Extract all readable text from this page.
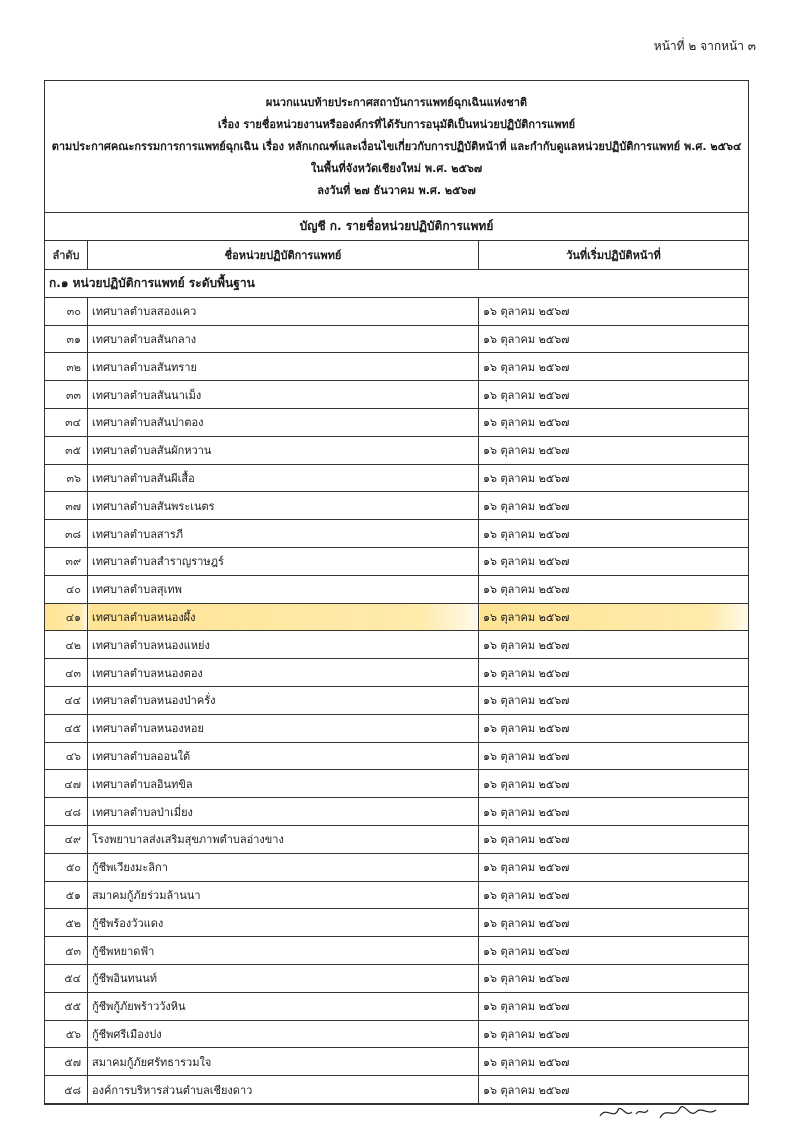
หน้าที่ ๒ จากหน้า ๓
ผนวกแนบท้ายประกาศสถาบันการแพทย์ฉุกเฉินแห่งชาติ
เรื่อง รายชื่อหน่วยงานหรือองค์กรที่ได้รับการอนุมัติเป็นหน่วยปฏิบัติการแพทย์
ตามประกาศคณะกรรมการการแพทย์ฉุกเฉิน เรื่อง หลักเกณฑ์และเงื่อนไขเกี่ยวกับการปฏิบัติหน้าที่ และกำกับดูแลหน่วยปฏิบัติการแพทย์ พ.ศ. ๒๕๖๔
ในพื้นที่จังหวัดเชียงใหม่ พ.ศ. ๒๕๖๗
ลงวันที่ ๒๗ ธันวาคม พ.ศ. ๒๕๖๗
บัญชี ก. รายชื่อหน่วยปฏิบัติการแพทย์
ลำดับ	ชื่อหน่วยปฏิบัติการแพทย์	วันที่เริ่มปฏิบัติหน้าที่
ก.๑ หน่วยปฏิบัติการแพทย์ ระดับพื้นฐาน		
๓๐	เทศบาลตำบลสองแคว	๑๖ ตุลาคม ๒๕๖๗
๓๑	เทศบาลตำบลสันกลาง	๑๖ ตุลาคม ๒๕๖๗
๓๒	เทศบาลตำบลสันทราย	๑๖ ตุลาคม ๒๕๖๗
๓๓	เทศบาลตำบลสันนาเม็ง	๑๖ ตุลาคม ๒๕๖๗
๓๔	เทศบาลตำบลสันปาตอง	๑๖ ตุลาคม ๒๕๖๗
๓๕	เทศบาลตำบลสันผักหวาน	๑๖ ตุลาคม ๒๕๖๗
๓๖	เทศบาลตำบลสันผีเสื้อ	๑๖ ตุลาคม ๒๕๖๗
๓๗	เทศบาลตำบลสันพระเนตร	๑๖ ตุลาคม ๒๕๖๗
๓๘	เทศบาลตำบลสารภี	๑๖ ตุลาคม ๒๕๖๗
๓๙	เทศบาลตำบลสำราญราษฎร์	๑๖ ตุลาคม ๒๕๖๗
๔๐	เทศบาลตำบลสุเทพ	๑๖ ตุลาคม ๒๕๖๗
๔๑	เทศบาลตำบลหนองผึ้ง	๑๖ ตุลาคม ๒๕๖๗
๔๒	เทศบาลตำบลหนองแหย่ง	๑๖ ตุลาคม ๒๕๖๗
๔๓	เทศบาลตำบลหนองตอง	๑๖ ตุลาคม ๒๕๖๗
๔๔	เทศบาลตำบลหนองป่าครั่ง	๑๖ ตุลาคม ๒๕๖๗
๔๕	เทศบาลตำบลหนองหอย	๑๖ ตุลาคม ๒๕๖๗
๔๖	เทศบาลตำบลออนใต้	๑๖ ตุลาคม ๒๕๖๗
๔๗	เทศบาลตำบลอินทขิล	๑๖ ตุลาคม ๒๕๖๗
๔๘	เทศบาลตำบลป่าเมี่ยง	๑๖ ตุลาคม ๒๕๖๗
๔๙	โรงพยาบาลส่งเสริมสุขภาพตำบลอ่างขาง	๑๖ ตุลาคม ๒๕๖๗
๕๐	กู้ชีพเวียงมะลิกา	๑๖ ตุลาคม ๒๕๖๗
๕๑	สมาคมกู้ภัยร่วมล้านนา	๑๖ ตุลาคม ๒๕๖๗
๕๒	กู้ชีพร้องวัวแดง	๑๖ ตุลาคม ๒๕๖๗
๕๓	กู้ชีพหยาดฟ้า	๑๖ ตุลาคม ๒๕๖๗
๕๔	กู้ชีพอินทนนท์	๑๖ ตุลาคม ๒๕๖๗
๕๕	กู้ชีพกู้ภัยพร้าววังหิน	๑๖ ตุลาคม ๒๕๖๗
๕๖	กู้ชีพศรีเมืองปง	๑๖ ตุลาคม ๒๕๖๗
๕๗	สมาคมกู้ภัยศรัทธารวมใจ	๑๖ ตุลาคม ๒๕๖๗
๕๘	องค์การบริหารส่วนตำบลเชียงดาว	๑๖ ตุลาคม ๒๕๖๗
